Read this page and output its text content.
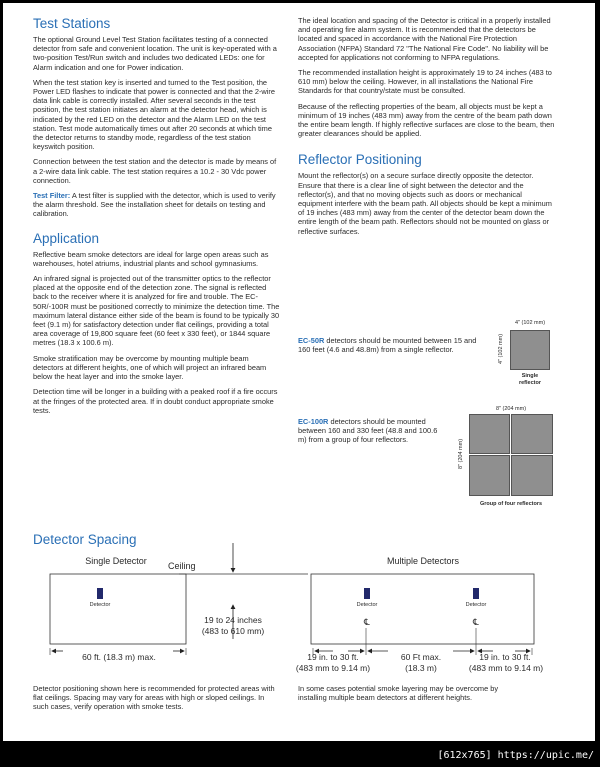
Test Stations

The optional Ground Level Test Station facilitates testing of a connected detector from safe and convenient location. The unit is key-operated with a two-position Test/Run switch and includes two dedicated LEDs: one for Alarm indication and one for Power indication.

When the test station key is inserted and turned to the Test position, the Power LED flashes to indicate that power is connected and that the 2-wire data link cable is correctly installed. After several seconds in the test position, the test station initiates an alarm at the detector head, which is indicated by the red LED on the detector and the Alarm LED on the test station. Test mode automatically times out after 20 seconds at which time the detector returns to standby mode, regardless of the test station keyswitch position.

Connection between the test station and the detector is made by means of a 2-wire data link cable. The test station requires a 10.2 - 30 Vdc power connection.

Test Filter: A test filter is supplied with the detector, which is used to verify the alarm threshold. See the installation sheet for details on testing and calibration.

Application

Reflective beam smoke detectors are ideal for large open areas such as warehouses, hotel atriums, industrial plants and school gymnasiums.

An infrared signal is projected out of the transmitter optics to the reflector placed at the opposite end of the detection zone. The signal is reflected back to the receiver where it is analyzed for fire and trouble. The EC-50R/-100R must be positioned correctly to minimize the detection time. The maximum lateral distance either side of the beam is found to be typically 30 feet (9.1 m) for satisfactory detection under flat ceilings, providing a total area coverage of 19,800 square feet (60 feet x 330 feet), or 1844 square metres (18.3 x 100.6 m).

Smoke stratification may be overcome by mounting multiple beam detectors at different heights, one of which will project an infrared beam below the heat layer and into the smoke layer.

Detection time will be longer in a building with a peaked roof if a fire occurs at the fringes of the protected area. If in doubt conduct appropriate smoke tests.

The ideal location and spacing of the Detector is critical in a properly installed and operating fire alarm system. It is recommended that the detectors be located and spaced in accordance with the National Fire Protection Association (NFPA) Standard 72 "The National Fire Code". No liability will be accepted for applications not conforming to NFPA regulations.

The recommended installation height is approximately 19 to 24 inches (483 to 610 mm) below the ceiling. However, in all installations the National Fire Standards for that country/state must be consulted.

Because of the reflecting properties of the beam, all objects must be kept a minimum of 19 inches (483 mm) away from the centre of the beam path down the entire beam length. If highly reflective surfaces are close to the beam, then greater clearances should be applied.

Reflector Positioning

Mount the reflector(s) on a secure surface directly opposite the detector. Ensure that there is a clear line of sight between the detector and the reflector(s), and that no moving objects such as doors or mechanical equipment interfere with the beam path. All objects should be kept a minimum of 19 inches (483 mm) away from the center of the detector beam down the entire length of the beam path. Reflectors should not be mounted on glass or reflective surfaces.

EC-50R detectors should be mounted between 15 and 160 feet (4.6 and 48.8m) from a single reflector.
EC-100R detectors should be mounted between 160 and 330 feet (48.8 and 100.6 m) from a group of four reflectors.
4" (102 mm)
4" (102 mm)
Single
reflector
8" (204 mm)
8" (204 mm)
Group of four reflectors
Detector Spacing
Single Detector	Multiple Detectors
Ceiling
℄	℄
Detector	Detector	Detector
19 to 24 inches
(483 to 610 mm)
60 ft. (18.3 m) max.	19 in. to 30 ft.
(483 mm to 9.14 m)
60 Ft max.
(18.3 m)
19 in. to 30 ft.
(483 mm to 9.14 m)
Detector positioning shown here is recommended for protected areas with flat ceilings. Spacing may vary for areas with high or sloped ceilings. In such cases, verify operation with smoke tests.
In some cases potential smoke layering may be overcome by installing multiple beam detectors at different heights.
[612x765] https://upic.me/
